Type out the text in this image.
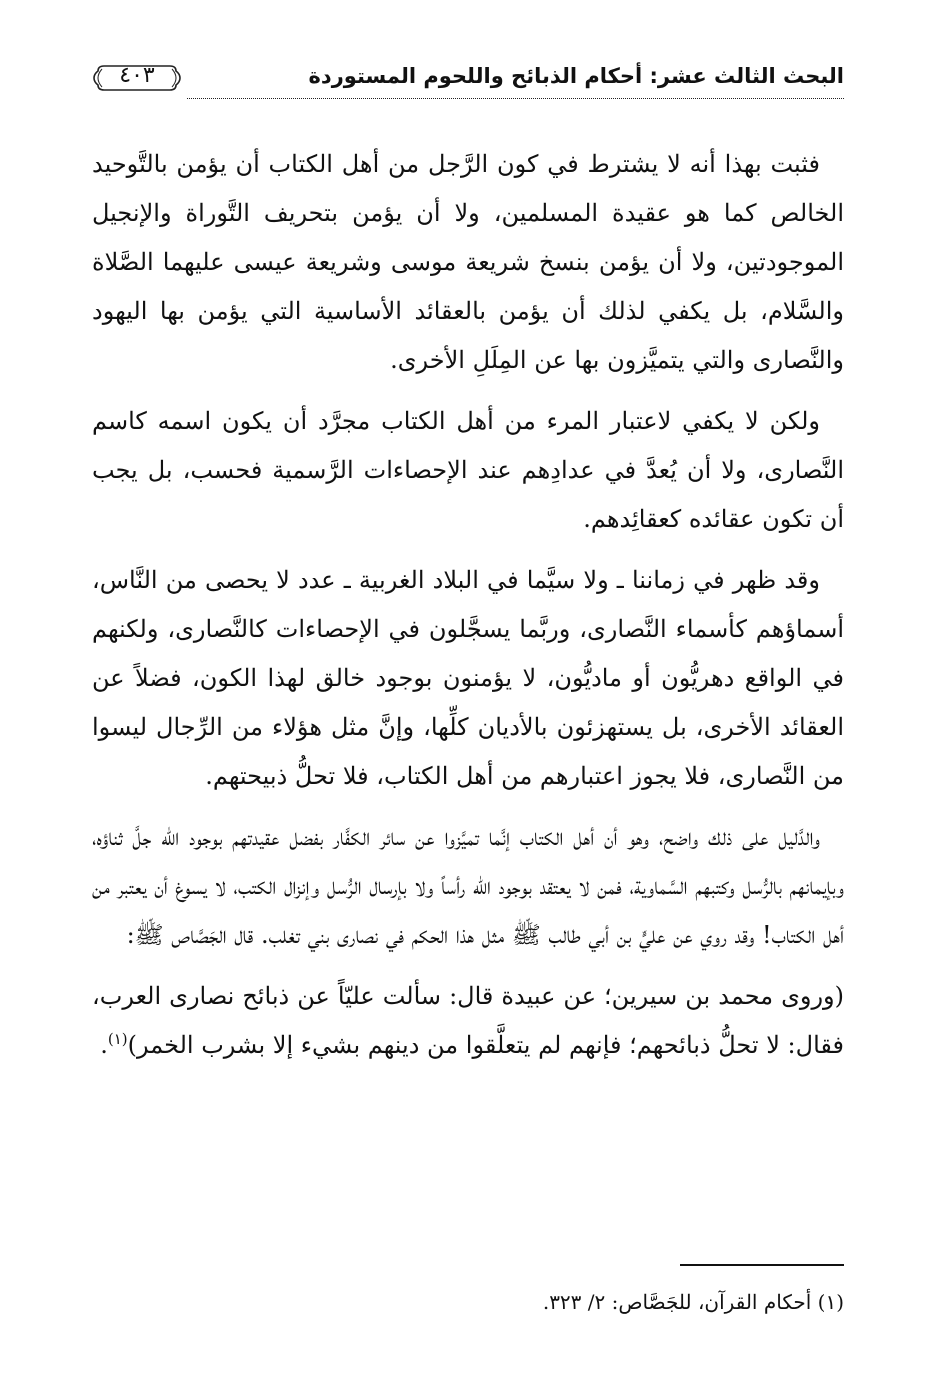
البحث الثالث عشر: أحكام الذبائح واللحوم المستوردة
٤٠٣

فثبت بهذا أنه لا يشترط في كون الرَّجل من أهل الكتاب أن يؤمن بالتَّوحيد الخالص كما هو عقيدة المسلمين، ولا أن يؤمن بتحريف التَّوراة والإنجيل الموجودتين، ولا أن يؤمن بنسخ شريعة موسى وشريعة عيسى عليهما الصَّلاة والسَّلام، بل يكفي لذلك أن يؤمن بالعقائد الأساسية التي يؤمن بها اليهود والنَّصارى والتي يتميَّزون بها عن المِلَلِ الأخرى.

ولكن لا يكفي لاعتبار المرء من أهل الكتاب مجرَّد أن يكون اسمه كاسم النَّصارى، ولا أن يُعدَّ في عدادِهم عند الإحصاءات الرَّسمية فحسب، بل يجب أن تكون عقائده كعقائِدهم.

وقد ظهر في زماننا ـ ولا سيَّما في البلاد الغربية ـ عدد لا يحصى من النَّاس، أسماؤهم كأسماء النَّصارى، وربَّما يسجَّلون في الإحصاءات كالنَّصارى، ولكنهم في الواقع دهريُّون أو ماديُّون، لا يؤمنون بوجود خالق لهذا الكون، فضلاً عن العقائد الأخرى، بل يستهزئون بالأديان كلِّها، وإنَّ مثل هؤلاء من الرِّجال ليسوا من النَّصارى، فلا يجوز اعتبارهم من أهل الكتاب، فلا تحلُّ ذبيحتهم.

والدَّليل على ذلك واضح، وهو أن أهل الكتاب إنَّما تميَّزوا عن سائر الكفَّار بفضل عقيدتهم بوجود الله جلَّ ثناؤه، وبإيمانهم بالرُّسل وكتبهم السَّماوية، فمن لا يعتقد بوجود الله رأساً ولا بإرسال الرُّسل وإنزال الكتب، لا يسوغ أن يعتبر من أهل الكتاب! وقد روي عن عليٍّ بن أبي طالب ﷺ مثل هذا الحكم في نصارى بني تغلب. قال الجَصَّاص ﷺ:

(وروى محمد بن سيرين؛ عن عبيدة قال: سألت عليّاً عن ذبائح نصارى العرب، فقال: لا تحلُّ ذبائحهم؛ فإنهم لم يتعلَّقوا من دينهم بشيء إلا بشرب الخمر)$^{(١)}$.

(١) أحكام القرآن، للجَصَّاص: ٢/ ٣٢٣.
